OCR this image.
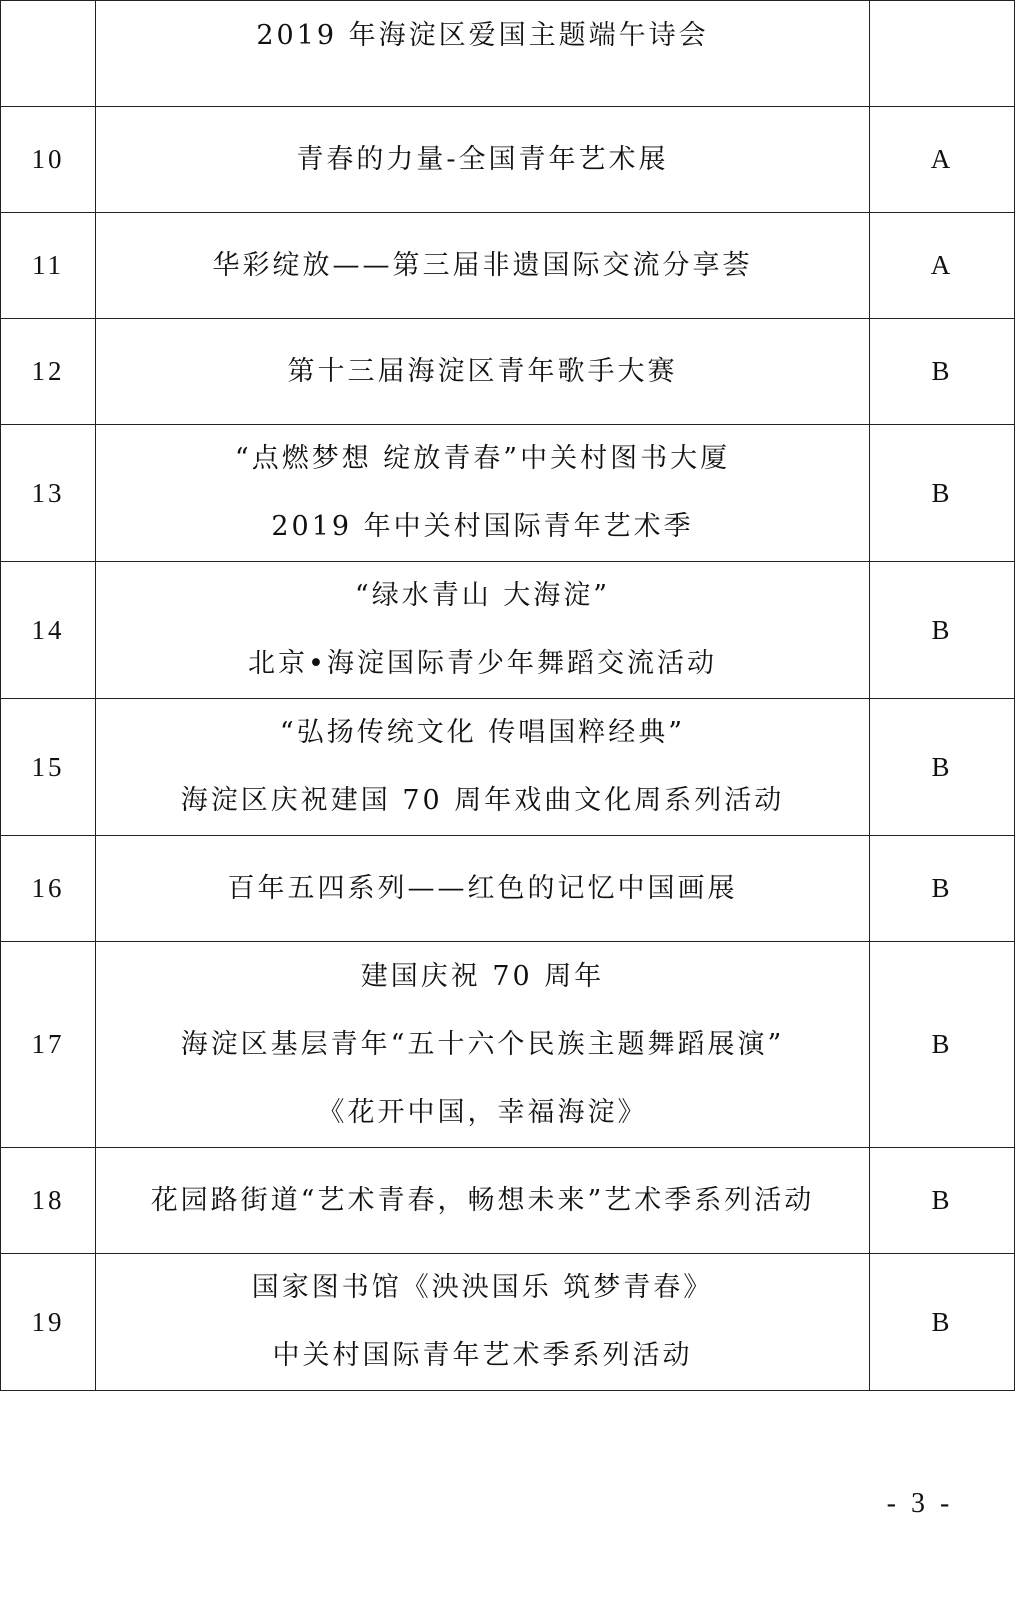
	2019 年海淀区爱国主题端午诗会	

10	青春的力量-全国青年艺术展	A
11	华彩绽放——第三届非遗国际交流分享荟	A
12	第十三届海淀区青年歌手大赛	B
13	“点燃梦想 绽放青春”中关村图书大厦
2019 年中关村国际青年艺术季	B
14	“绿水青山 大海淀”
北京•海淀国际青少年舞蹈交流活动	B
15	“弘扬传统文化 传唱国粹经典”
海淀区庆祝建国 70 周年戏曲文化周系列活动	B
16	百年五四系列——红色的记忆中国画展	B
17	建国庆祝 70 周年
海淀区基层青年“五十六个民族主题舞蹈展演”
《花开中国，幸福海淀》	B
18	花园路街道“艺术青春，畅想未来”艺术季系列活动	B
19	国家图书馆《泱泱国乐 筑梦青春》
中关村国际青年艺术季系列活动	B
- 3 -
